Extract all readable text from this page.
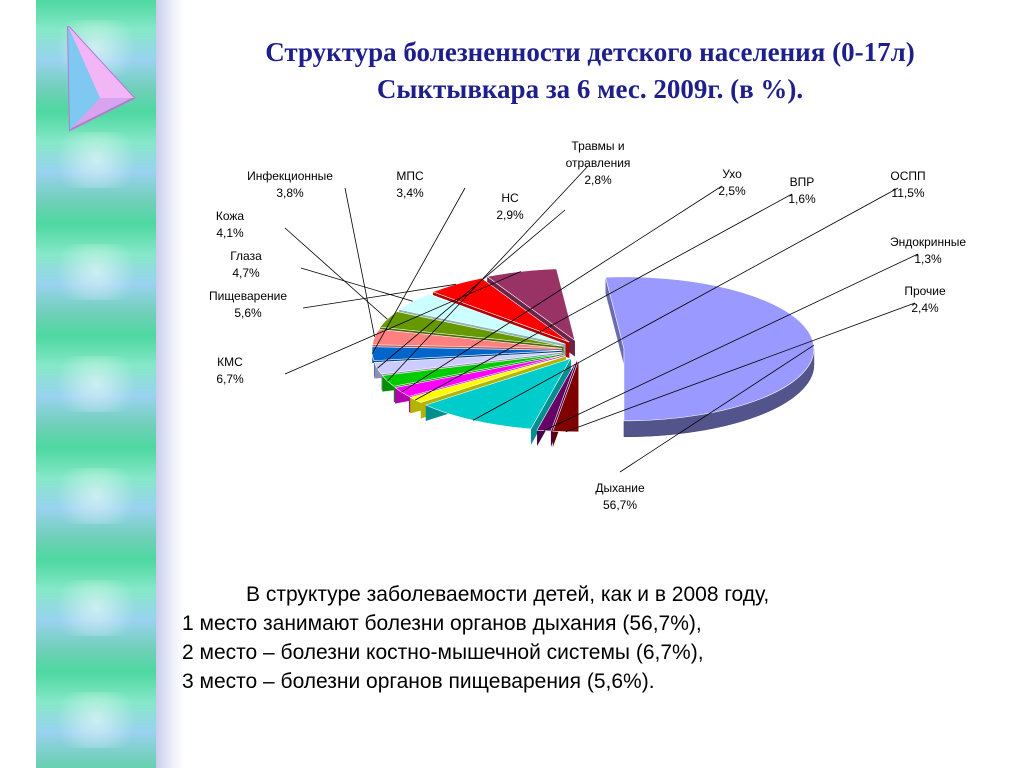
Структура болезненности детского населения (0-17л)
Сыктывкара за 6 мес. 2009г. (в %).
Дыхание
56,7%
КМС
6,7%
Пищеварение
5,6%
Глаза
4,7%
Кожа
4,1%
Инфекционные
3,8%
МПС
3,4%	НС
2,9%
Травмы и
отравления
2,8%	Ухо
2,5%
ВПР
1,6%
ОСПП
11,5%
Эндокринные
1,3%
Прочие
2,4%

В структуре заболеваемости детей, как и в 2008 году,

1 место занимают болезни органов дыхания (56,7%),

2 место – болезни костно-мышечной системы (6,7%),

3 место – болезни органов пищеварения (5,6%).
